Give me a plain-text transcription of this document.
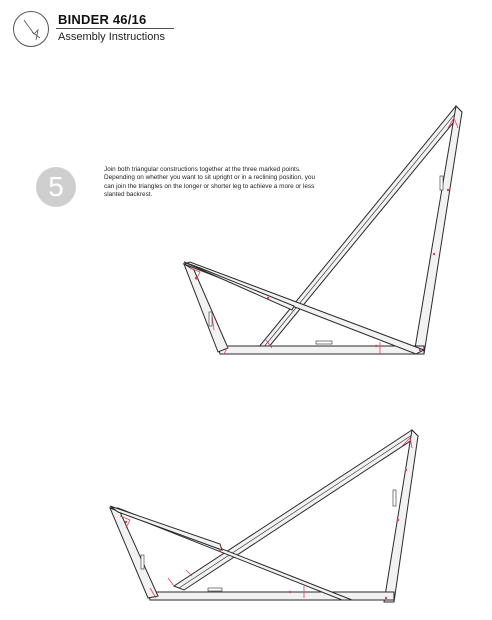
BINDER 46/16
Assembly Instructions
5

Join both triangular constructions together at the three marked points.

Depending on whether you want to sit upright or in a reclining position, you can join the triangles on the longer or shorter leg to achieve a more or less slanted backrest.
